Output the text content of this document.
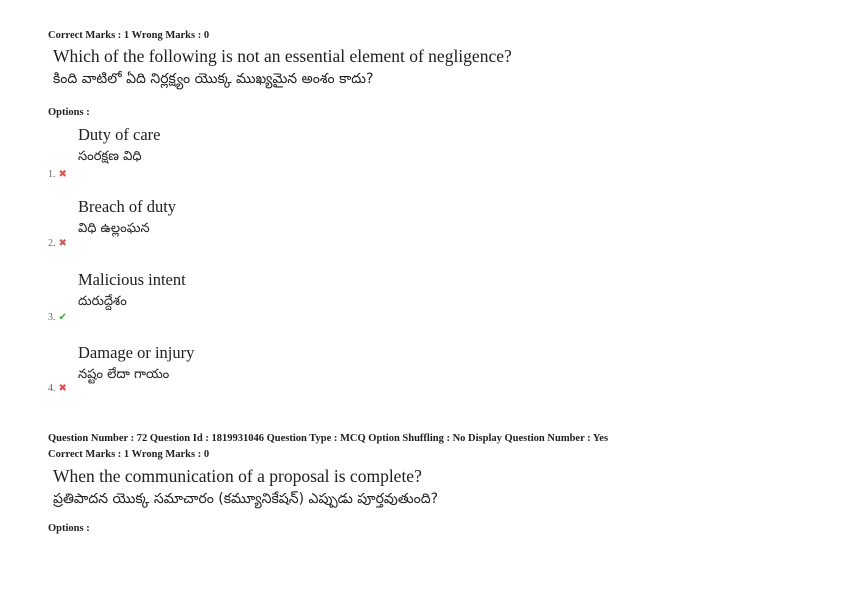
Correct Marks : 1 Wrong Marks : 0
Which of the following is not an essential element of negligence?
కింది వాటిలో ఏది నిర్లక్ష్యం యొక్క ముఖ్యమైన అంశం కాదు?
Options :
Duty of care
సంరక్షణ విధి
1. ✖
Breach of duty
విధి ఉల్లంఘన
2. ✖
Malicious intent
దురుద్దేశం
3. ✔
Damage or injury
నష్టం లేదా గాయం
4. ✖
Question Number : 72 Question Id : 1819931046 Question Type : MCQ Option Shuffling : No Display Question Number : Yes
Correct Marks : 1 Wrong Marks : 0
When the communication of a proposal is complete?
ప్రతిపాదన యొక్క సమాచారం (కమ్యూనికేషన్) ఎప్పుడు పూర్తవుతుంది?
Options :
